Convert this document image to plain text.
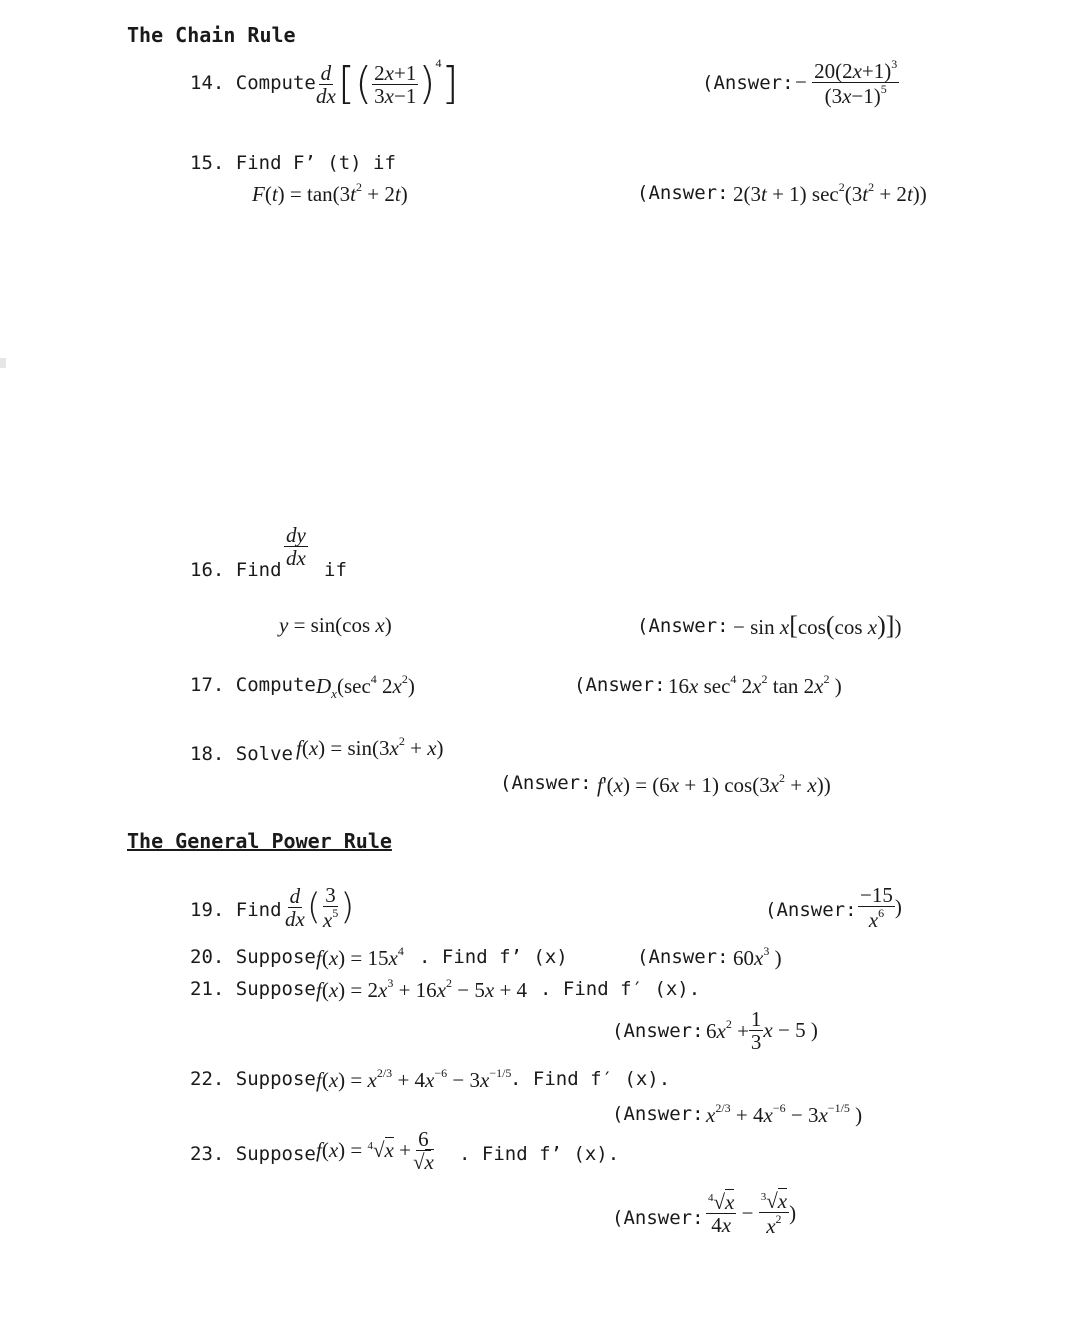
The Chain Rule
14. Compute
$\frac{d}{dx}$ [( $\frac{2x+1}{3x-1} )^4$]	(Answer: − $\frac{20(2x+1)^3}{(3x-1)^5}$
15. Find F’ (t) if
$F(t) = \tan(3t^2 + 2t)$	(Answer: 2(3t + 1) $\sec^2(3t^2 + 2t)$)
$\frac{dy}{dx}$
16. Find if
y = sin(cos x)	(Answer: − sin x[cos(cos x)])
17. Compute $D_x(\sec^4$ $2x^2$)	(Answer: 16x $\sec^4 2x^2$ $\tan 2x^2$ )
18. Solve $f(x) = \sin(3x^2 + x)$
(Answer: f'(x) = (6x + 1) $\cos(3x^2 + x)$)
The General Power Rule
19. Find $\frac{d}{dx}$ ( $\frac{3}{x^5}$ )	(Answer: $\frac{-15}{x^6}$ )
20. Suppose $f(x) = 15x^4$ . Find f’ (x)	(Answer: $60x^3$ )
21. Suppose $f(x) = 2x^3 + 16x^2 - 5x + 4$ . Find f′ (x).
(Answer: $6x^2 + \frac{1}{3}$ x − 5 )
22. Suppose $f(x) = x^{2/3} + 4x^{-6} - 3x^{-1/5}$
. Find f′ (x).
(Answer: $x^{2/3} + 4x^{-6} - 3x^{-1/5}$ )
23. Suppose $f(x) = ^4√x + \frac{6}{√x}$ . Find f’ (x).
(Answer: $\frac{^4√x}{4x} - \frac{^3√x}{x^2}$ )
